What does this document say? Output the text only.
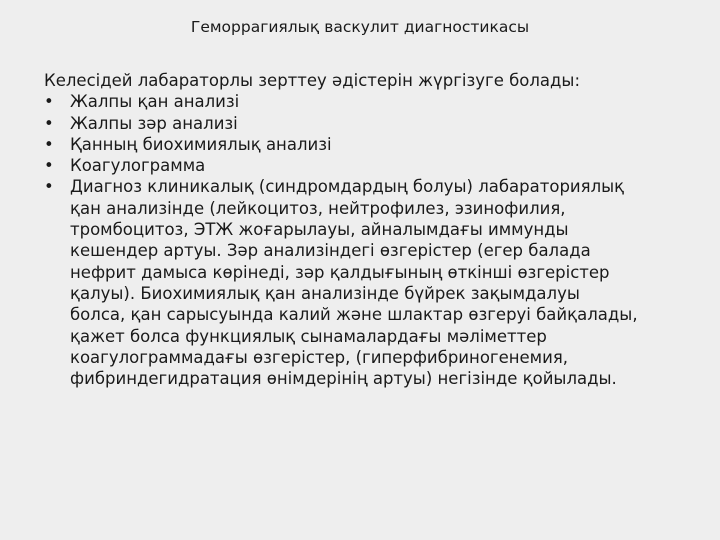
Геморрагиялық васкулит диагностикасы

Келесідей лабараторлы зерттеу әдістерін жүргізуге болады:

• Жалпы қан анализі
• Жалпы зәр анализі
• Қанның биохимиялық анализі
• Коагулограмма
• Диагноз клиникалық (синдромдардың болуы) лабараториялық
қан анализінде (лейкоцитоз, нейтрофилез, эзинофилия,
тромбоцитоз, ЭТЖ жоғарылауы, айналымдағы иммунды
кешендер артуы. Зәр анализіндегі өзгерістер (егер балада
нефрит дамыса көрінеді, зәр қалдығының өткінші өзгерістер
қалуы). Биохимиялық қан анализінде бүйрек зақымдалуы
болса, қан сарысуында калий және шлактар өзгеруі байқалады,
қажет болса функциялық сынамалардағы мәліметтер
коагулограммадағы өзгерістер, (гиперфибриногенемия,
фибриндегидратация өнімдерінің артуы) негізінде қойылады.
